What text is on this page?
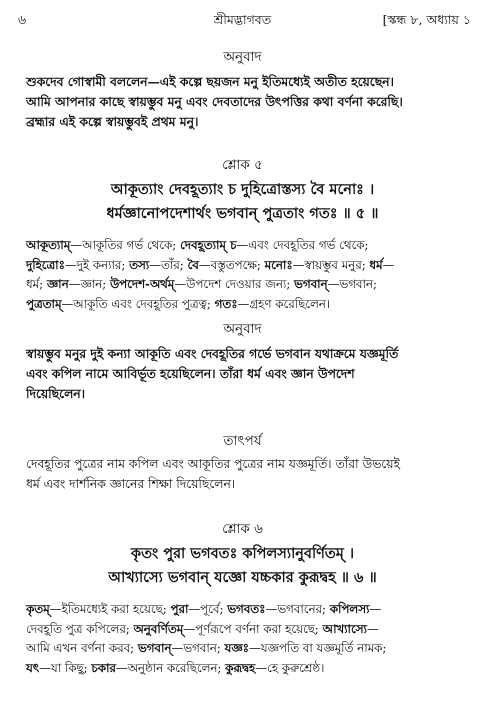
৬	শ্রীমদ্ভাগবত	[স্কন্ধ ৮, অধ্যায় ১
অনুবাদ
শুকদেব গোস্বামী বললেন—এই কল্পে ছয়জন মনু ইতিমধ্যেই অতীত হয়েছেন।
আমি আপনার কাছে স্বায়ম্ভুব মনু এবং দেবতাদের উৎপত্তির কথা বর্ণনা করেছি।
ব্রহ্মার এই কল্পে স্বায়ম্ভুবই প্রথম মনু।
শ্লোক ৫
আকূত্যাং দেবহূত্যাং চ দুহিত্রোস্তস্য বৈ মনোঃ ।
ধর্মজ্ঞানোপদেশার্থং ভগবান্ পুত্রতাং গতঃ ॥ ৫ ॥
আকূত্যাম্—আকূতির গর্ভ থেকে; দেবহূত্যাম্ চ—এবং দেবহূতির গর্ভ থেকে;
দুহিত্রোঃ—দুই কন্যার; তস্য—তাঁর; বৈ—বস্তুতপক্ষে; মনোঃ—স্বায়ম্ভুব মনুর; ধর্ম—
ধর্ম; জ্ঞান—জ্ঞান; উপদেশ-অর্থম্—উপদেশ দেওয়ার জন্য; ভগবান্—ভগবান;
পুত্রতাম্—আকূতি এবং দেবহূতির পুত্রত্ব; গতঃ—গ্রহণ করেছিলেন।
অনুবাদ
স্বায়ম্ভুব মনুর দুই কন্যা আকূতি এবং দেবহূতির গর্ভে ভগবান যথাক্রমে যজ্ঞমূর্তি
এবং কপিল নামে আবির্ভূত হয়েছিলেন। তাঁরা ধর্ম এবং জ্ঞান উপদেশ
দিয়েছিলেন।
তাৎপর্য
দেবহূতির পুত্রের নাম কপিল এবং আকূতির পুত্রের নাম যজ্ঞমূর্তি। তাঁরা উভয়েই
ধর্ম এবং দার্শনিক জ্ঞানের শিক্ষা দিয়েছিলেন।
শ্লোক ৬
কৃতং পুরা ভগবতঃ কপিলস্যানুবর্ণিতম্ ।
আখ্যাস্যে ভগবান্ যজ্ঞো যচ্চকার কুরূদ্বহ ॥ ৬ ॥
কৃতম্—ইতিমধ্যেই করা হয়েছে; পুরা—পূর্বে; ভগবতঃ—ভগবানের; কপিলস্য—
দেবহূতি পুত্র কপিলের; অনুবর্ণিতম্—পূর্ণরূপে বর্ণনা করা হয়েছে; আখ্যাস্যে—
আমি এখন বর্ণনা করব; ভগবান্—ভগবান; যজ্ঞঃ—যজ্ঞপতি বা যজ্ঞমূর্তি নামক;
যৎ—যা কিছু; চকার—অনুষ্ঠান করেছিলেন; কুরূদ্বহ—হে কুরুশ্রেষ্ঠ।
